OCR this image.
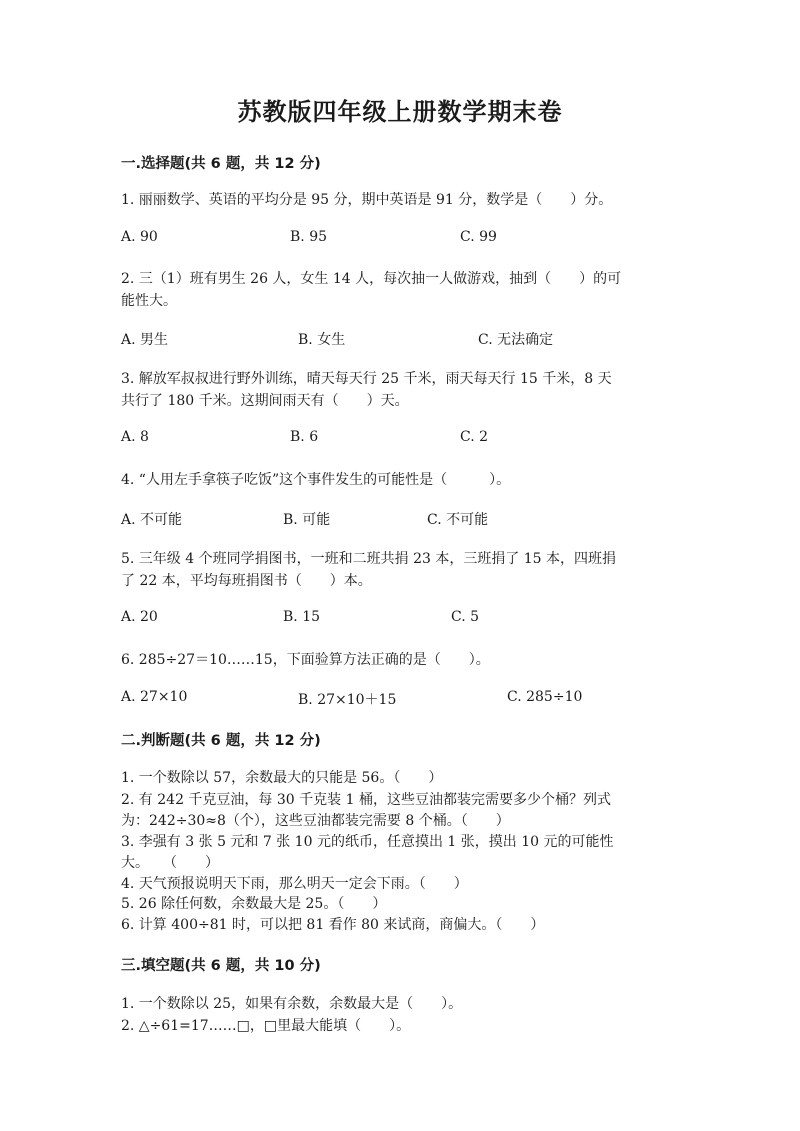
苏教版四年级上册数学期末卷
一.选择题(共 6 题，共 12 分)
1. 丽丽数学、英语的平均分是 95 分，期中英语是 91 分，数学是（　　）分。
A. 90	B. 95	C. 99
2. 三（1）班有男生 26 人，女生 14 人，每次抽一人做游戏，抽到（　　）的可
能性大。
A. 男生	B. 女生	C. 无法确定
3. 解放军叔叔进行野外训练，晴天每天行 25 千米，雨天每天行 15 千米，8 天
共行了 180 千米。这期间雨天有（　　）天。
A. 8	B. 6	C. 2
4. “人用左手拿筷子吃饭”这个事件发生的可能性是（　　　）。
A. 不可能	B. 可能	C. 不可能
5. 三年级 4 个班同学捐图书，一班和二班共捐 23 本，三班捐了 15 本，四班捐
了 22 本，平均每班捐图书（　　）本。
A. 20	B. 15	C. 5
6. 285÷27＝10……15，下面验算方法正确的是（　　）。
A. 27×10	B. 27×10＋15	C. 285÷10
二.判断题(共 6 题，共 12 分)
1. 一个数除以 57，余数最大的只能是 56。（　　）
2. 有 242 千克豆油，每 30 千克装 1 桶，这些豆油都装完需要多少个桶？列式
为：242÷30≈8（个），这些豆油都装完需要 8 个桶。（　　）
3. 李强有 3 张 5 元和 7 张 10 元的纸币，任意摸出 1 张，摸出 10 元的可能性
大。　　（　　）
4. 天气预报说明天下雨，那么明天一定会下雨。（　　）
5. 26 除任何数，余数最大是 25。（　　）
6. 计算 400÷81 时，可以把 81 看作 80 来试商，商偏大。（　　）
三.填空题(共 6 题，共 10 分)
1. 一个数除以 25，如果有余数，余数最大是（　　）。
2. △÷61=17……□，□里最大能填（　　）。
